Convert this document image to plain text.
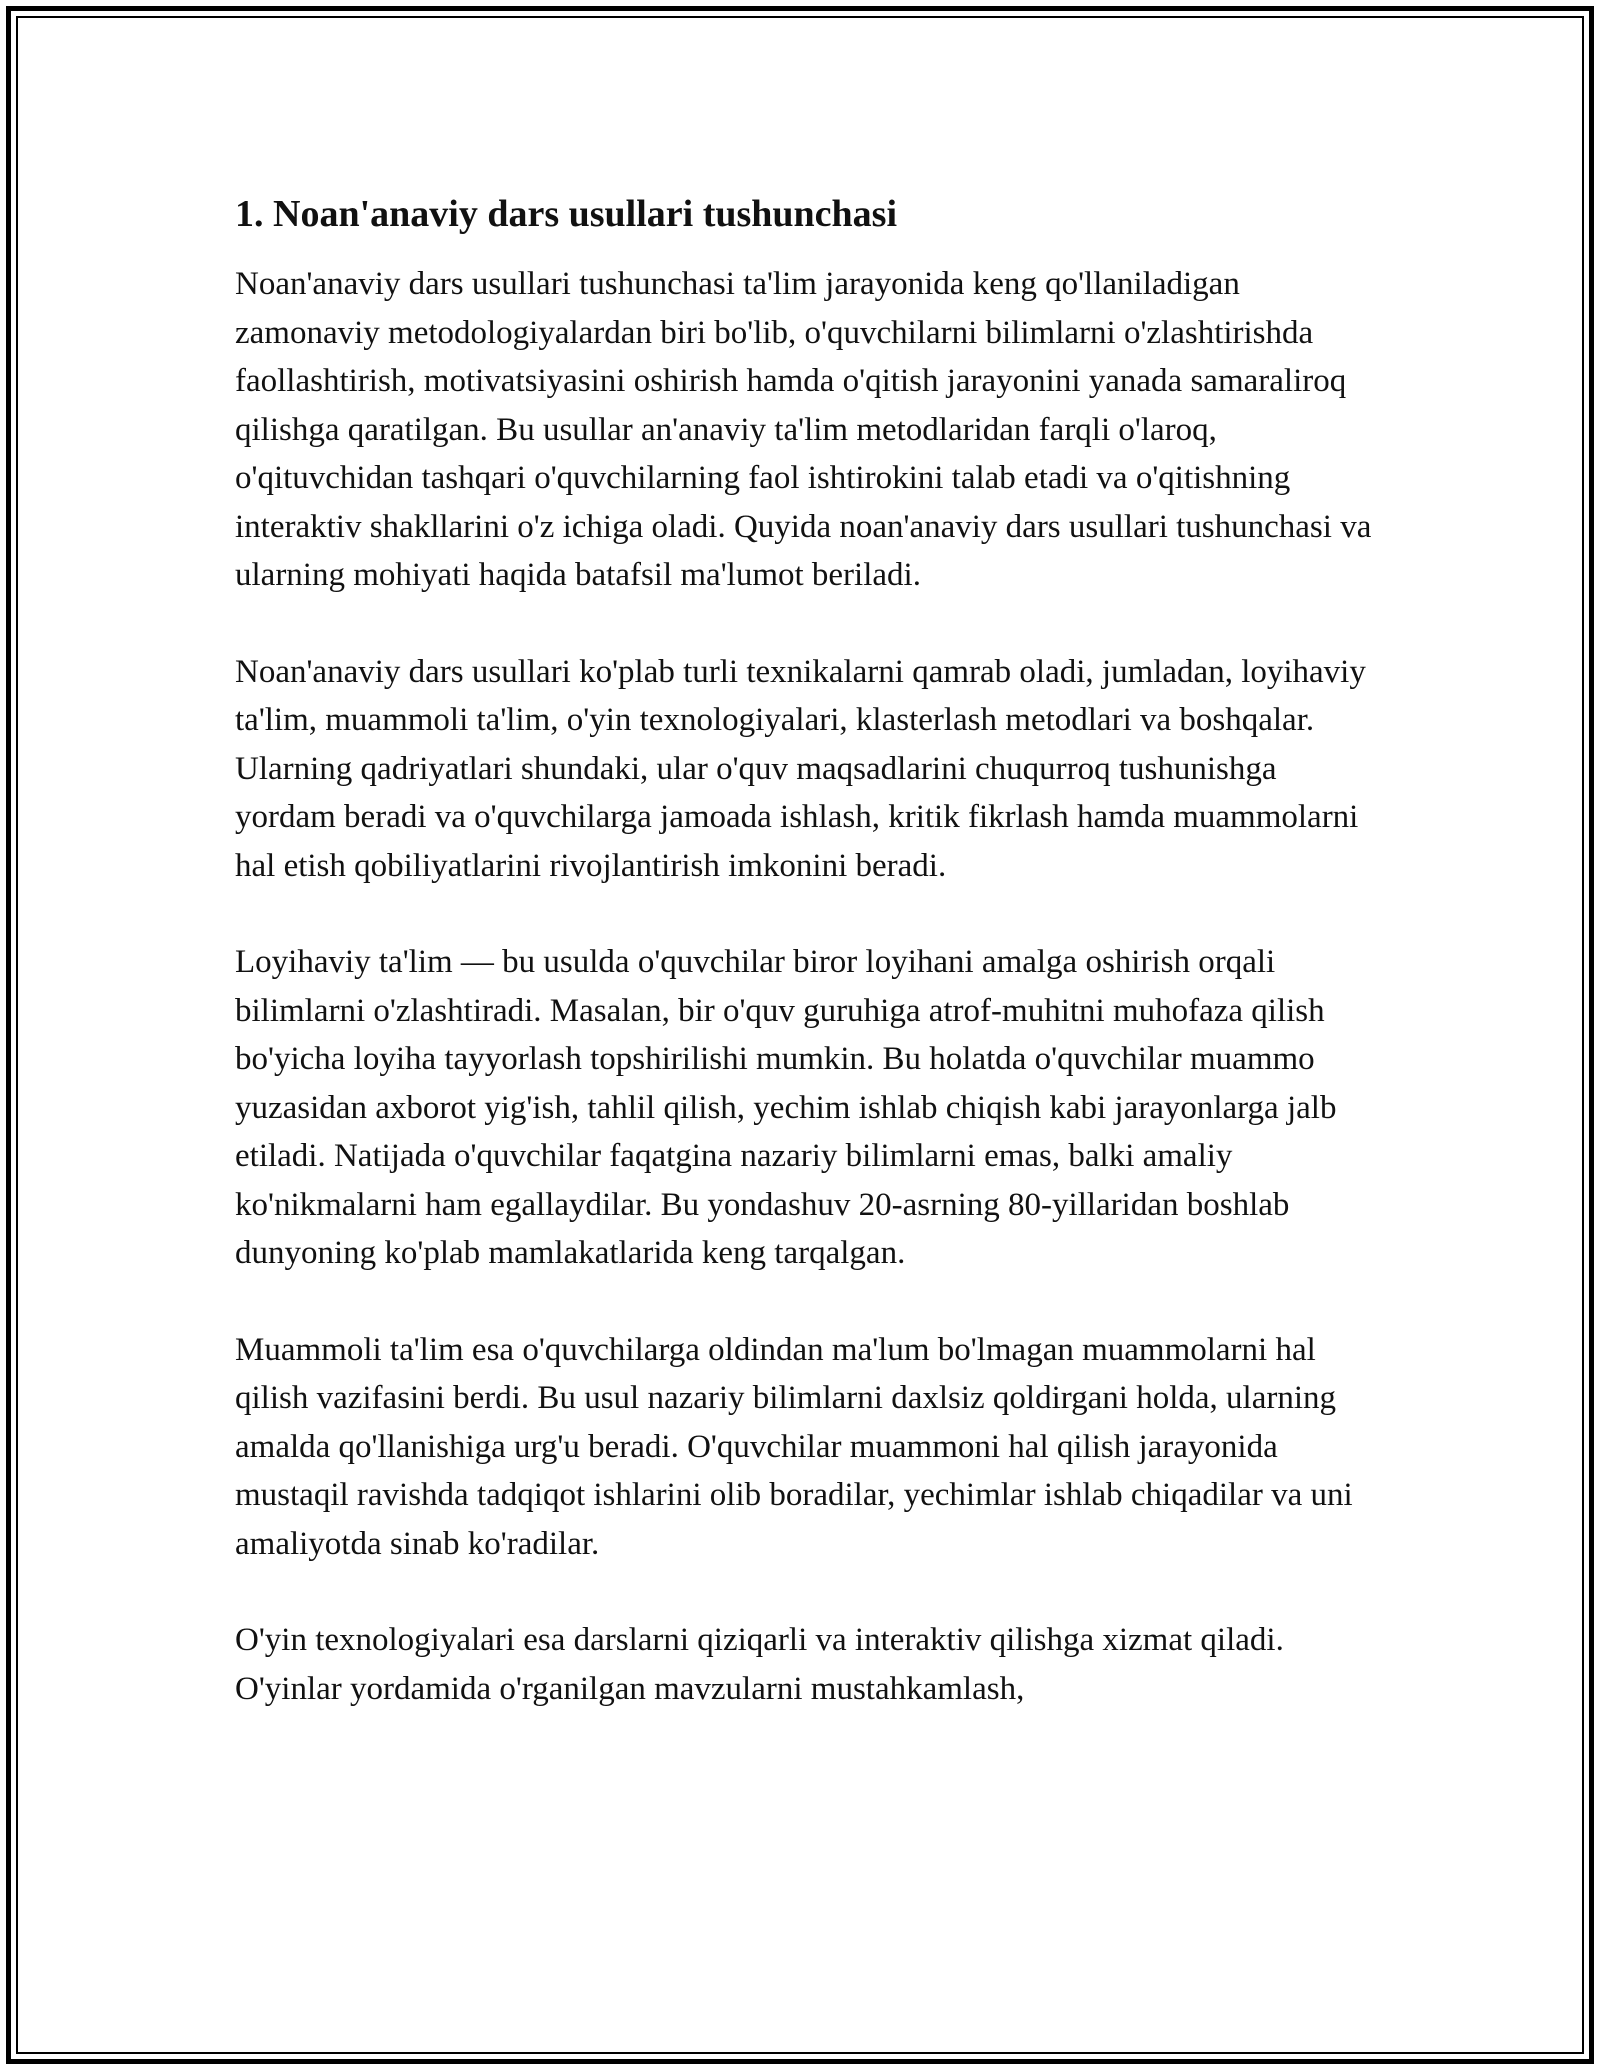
1. Noan'anaviy dars usullari tushunchasi

Noan'anaviy dars usullari tushunchasi ta'lim jarayonida keng qo'llaniladigan zamonaviy metodologiyalardan biri bo'lib, o'quvchilarni bilimlarni o'zlashtirishda faollashtirish, motivatsiyasini oshirish hamda o'qitish jarayonini yanada samaraliroq qilishga qaratilgan. Bu usullar an'anaviy ta'lim metodlaridan farqli o'laroq, o'qituvchidan tashqari o'quvchilarning faol ishtirokini talab etadi va o'qitishning interaktiv shakllarini o'z ichiga oladi. Quyida noan'anaviy dars usullari tushunchasi va ularning mohiyati haqida batafsil ma'lumot beriladi.

Noan'anaviy dars usullari ko'plab turli texnikalarni qamrab oladi, jumladan, loyihaviy ta'lim, muammoli ta'lim, o'yin texnologiyalari, klasterlash metodlari va boshqalar. Ularning qadriyatlari shundaki, ular o'quv maqsadlarini chuqurroq tushunishga yordam beradi va o'quvchilarga jamoada ishlash, kritik fikrlash hamda muammolarni hal etish qobiliyatlarini rivojlantirish imkonini beradi.

Loyihaviy ta'lim — bu usulda o'quvchilar biror loyihani amalga oshirish orqali bilimlarni o'zlashtiradi. Masalan, bir o'quv guruhiga atrof-muhitni muhofaza qilish bo'yicha loyiha tayyorlash topshirilishi mumkin. Bu holatda o'quvchilar muammo yuzasidan axborot yig'ish, tahlil qilish, yechim ishlab chiqish kabi jarayonlarga jalb etiladi. Natijada o'quvchilar faqatgina nazariy bilimlarni emas, balki amaliy ko'nikmalarni ham egallaydilar. Bu yondashuv 20-asrning 80-yillaridan boshlab dunyoning ko'plab mamlakatlarida keng tarqalgan.

Muammoli ta'lim esa o'quvchilarga oldindan ma'lum bo'lmagan muammolarni hal qilish vazifasini berdi. Bu usul nazariy bilimlarni daxlsiz qoldirgani holda, ularning amalda qo'llanishiga urg'u beradi. O'quvchilar muammoni hal qilish jarayonida mustaqil ravishda tadqiqot ishlarini olib boradilar, yechimlar ishlab chiqadilar va uni amaliyotda sinab ko'radilar.

O'yin texnologiyalari esa darslarni qiziqarli va interaktiv qilishga xizmat qiladi. O'yinlar yordamida o'rganilgan mavzularni mustahkamlash,
